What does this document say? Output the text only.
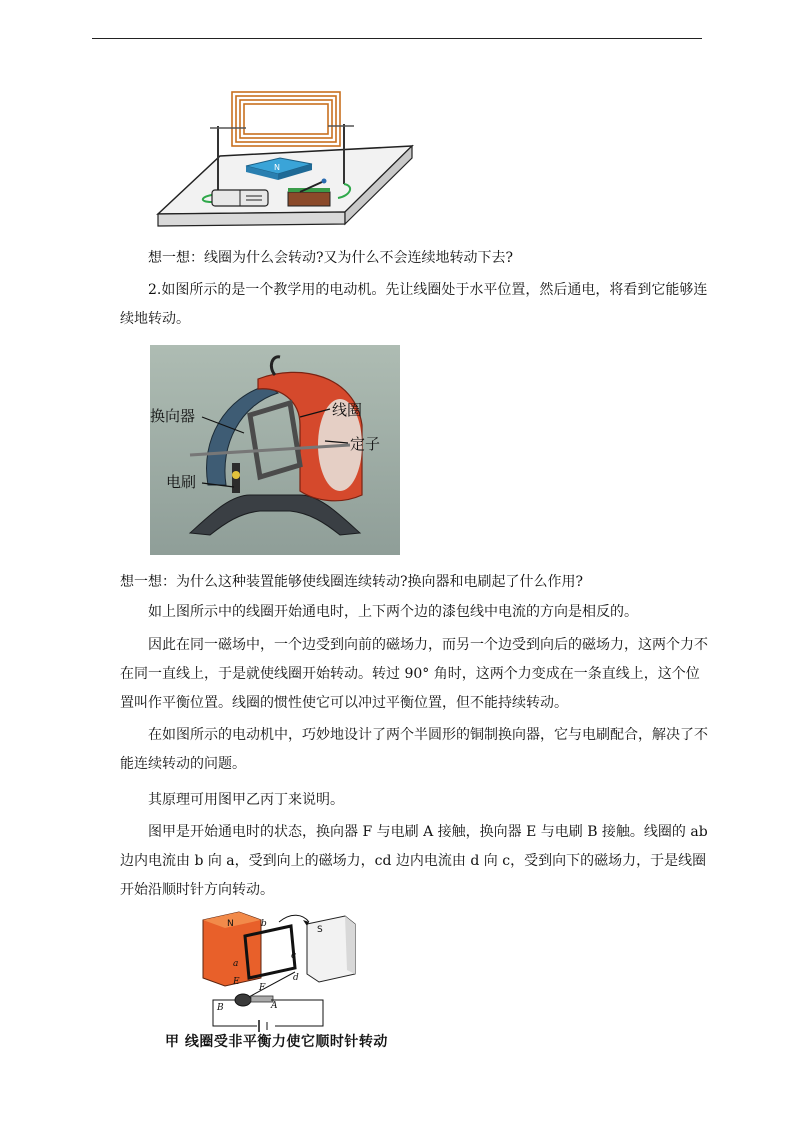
N
想一想：线圈为什么会转动?又为什么不会连续地转动下去?
2.如图所示的是一个教学用的电动机。先让线圈处于水平位置，然后通电，将看到它能够连续地转动。
换向器	线圈
定子
电刷
想一想：为什么这种装置能够使线圈连续转动?换向器和电刷起了什么作用?
如上图所示中的线圈开始通电时，上下两个边的漆包线中电流的方向是相反的。
因此在同一磁场中，一个边受到向前的磁场力，而另一个边受到向后的磁场力，这两个力不在同一直线上，于是就使线圈开始转动。转过 90° 角时，这两个力变成在一条直线上，这个位置叫作平衡位置。线圈的惯性使它可以冲过平衡位置，但不能持续转动。
在如图所示的电动机中，巧妙地设计了两个半圆形的铜制换向器，它与电刷配合，解决了不能连续转动的问题。
其原理可用图甲乙丙丁来说明。
图甲是开始通电时的状态，换向器 F 与电刷 A 接触，换向器 E 与电刷 B 接触。线圈的 ab 边内电流由 b 向 a，受到向上的磁场力，cd 边内电流由 d 向 c，受到向下的磁场力，于是线圈开始沿顺时针方向转动。
N
S
a
b
c
d
E
F
A
B
甲 线圈受非平衡力使它顺时针转动
